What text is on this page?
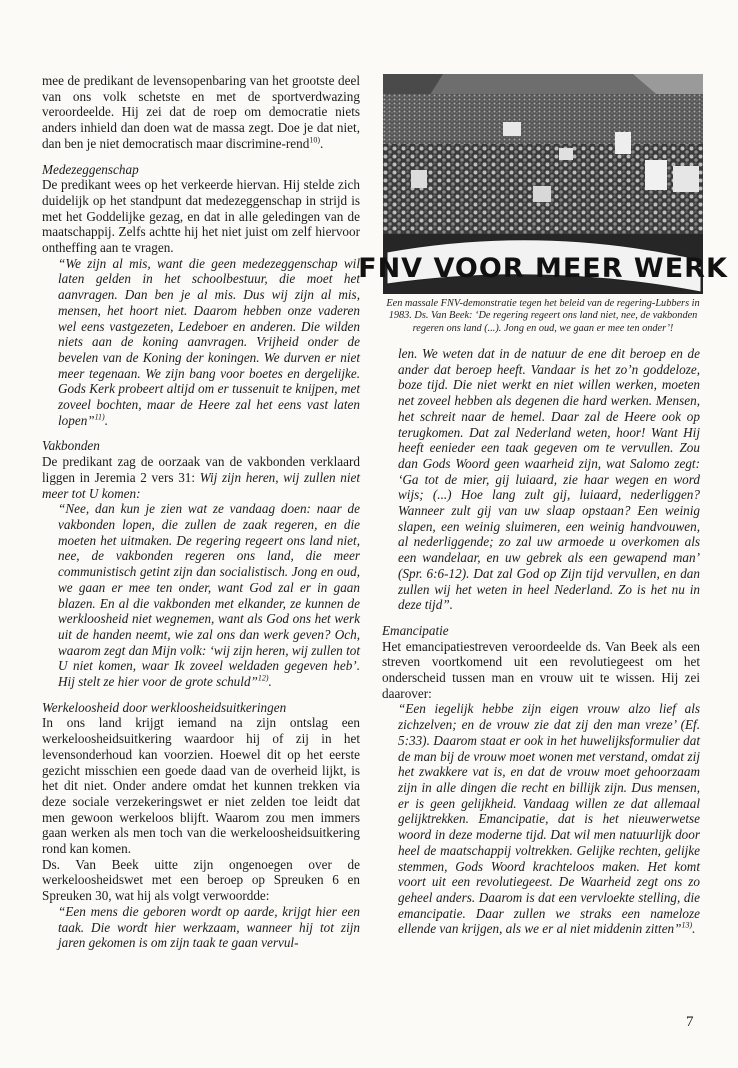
mee de predikant de levensopenbaring van het grootste deel van ons volk schetste en met de sportverdwazing veroordeelde. Hij zei dat de roep om democratie niets anders inhield dan doen wat de massa zegt. Doe je dat niet, dan ben je niet democratisch maar discrimine-rend$^{10)}$.

Medezeggenschap

De predikant wees op het verkeerde hiervan. Hij stelde zich duidelijk op het standpunt dat medezeggenschap in strijd is met het Goddelijke gezag, en dat in alle geledingen van de maatschappij. Zelfs achtte hij het niet juist om zelf hiervoor ontheffing aan te vragen.

“We zijn al mis, want die geen medezeggenschap wil laten gelden in het schoolbestuur, die moet het aanvragen. Dan ben je al mis. Dus wij zijn al mis, mensen, het hoort niet. Daarom hebben onze vaderen wel eens vastgezeten, Ledeboer en anderen. Die wilden niets aan de koning aanvragen. Vrijheid onder de bevelen van de Koning der koningen. We durven er niet meer tegenaan. We zijn bang voor boetes en dergelijke. Gods Kerk probeert altijd om er tussenuit te knijpen, met zoveel bochten, maar de Heere zal het eens vast laten lopen”$^{11)}$.

Vakbonden

De predikant zag de oorzaak van de vakbonden verklaard liggen in Jeremia 2 vers 31: Wij zijn heren, wij zullen niet meer tot U komen:

“Nee, dan kun je zien wat ze vandaag doen: naar de vakbonden lopen, die zullen de zaak regeren, en die moeten het uitmaken. De regering regeert ons land niet, nee, de vakbonden regeren ons land, die meer communistisch getint zijn dan socialistisch. Jong en oud, we gaan er mee ten onder, want God zal er in gaan blazen. En al die vakbonden met elkander, ze kunnen de werkloosheid niet wegnemen, want als God ons het werk uit de handen neemt, wie zal ons dan werk geven? Och, waarom zegt dan Mijn volk: ‘wij zijn heren, wij zullen tot U niet komen, waar Ik zoveel weldaden gegeven heb’. Hij stelt ze hier voor de grote schuld”$^{12)}$.

Werkeloosheid door werkloosheidsuitkeringen

In ons land krijgt iemand na zijn ontslag een werkeloosheidsuitkering waardoor hij of zij in het levensonderhoud kan voorzien. Hoewel dit op het eerste gezicht misschien een goede daad van de overheid lijkt, is het dit niet. Onder andere omdat het kunnen trekken via deze sociale verzekeringswet er niet zelden toe leidt dat men gewoon werkeloos blijft. Waarom zou men immers gaan werken als men toch van die werkeloosheidsuitkering rond kan komen.

Ds. Van Beek uitte zijn ongenoegen over de werkeloosheidswet met een beroep op Spreuken 6 en Spreuken 30, wat hij als volgt verwoordde:

“Een mens die geboren wordt op aarde, krijgt hier een taak. Die wordt hier werkzaam, wanneer hij tot zijn jaren gekomen is om zijn taak te gaan vervul-

FNV VOOR MEER WERK
Een massale FNV-demonstratie tegen het beleid van de regering-Lubbers in 1983. Ds. Van Beek: ‘De regering regeert ons land niet, nee, de vakbonden regeren ons land (...). Jong en oud, we gaan er mee ten onder’!

len. We weten dat in de natuur de ene dit beroep en de ander dat beroep heeft. Vandaar is het zo’n goddeloze, boze tijd. Die niet werkt en niet willen werken, moeten net zoveel hebben als degenen die hard werken. Mensen, het schreit naar de hemel. Daar zal de Heere ook op terugkomen. Dat zal Nederland weten, hoor! Want Hij heeft eenieder een taak gegeven om te vervullen. Zou dan Gods Woord geen waarheid zijn, wat Salomo zegt: ‘Ga tot de mier, gij luiaard, zie haar wegen en word wijs; (...) Hoe lang zult gij, luiaard, nederliggen? Wanneer zult gij van uw slaap opstaan? Een weinig slapen, een weinig sluimeren, een weinig handvouwen, al nederliggende; zo zal uw armoede u overkomen als een wandelaar, en uw gebrek als een gewapend man’ (Spr. 6:6-12). Dat zal God op Zijn tijd vervullen, en dan zullen wij het weten in heel Nederland. Zo is het nu in deze tijd”.

Emancipatie

Het emancipatiestreven veroordeelde ds. Van Beek als een streven voortkomend uit een revolutiegeest om het onderscheid tussen man en vrouw uit te wissen. Hij zei daarover:

“Een iegelijk hebbe zijn eigen vrouw alzo lief als zichzelven; en de vrouw zie dat zij den man vreze’ (Ef. 5:33). Daarom staat er ook in het huwelijksformulier dat de man bij de vrouw moet wonen met verstand, omdat zij het zwakkere vat is, en dat de vrouw moet gehoorzaam zijn in alle dingen die recht en billijk zijn. Dus mensen, er is geen gelijkheid. Vandaag willen ze dat allemaal gelijktrekken. Emancipatie, dat is het nieuwerwetse woord in deze moderne tijd. Dat wil men natuurlijk door heel de maatschappij voltrekken. Gelijke rechten, gelijke stemmen, Gods Woord krachteloos maken. Het komt voort uit een revolutiegeest. De Waarheid zegt ons zo geheel anders. Daarom is dat een vervloekte stelling, die emancipatie. Daar zullen we straks een nameloze ellende van krijgen, als we er al niet middenin zitten”$^{13)}$.

7
